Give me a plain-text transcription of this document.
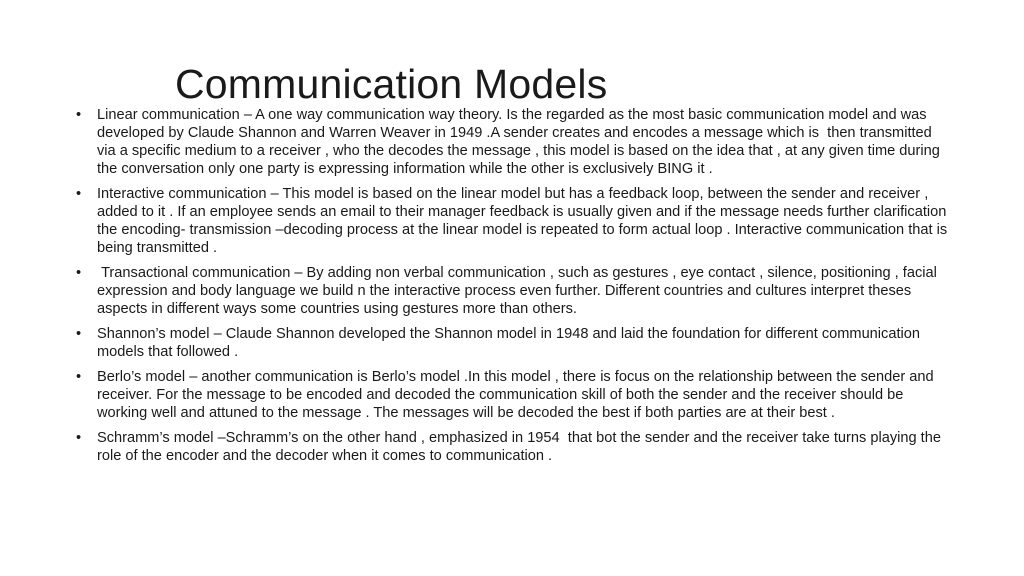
Communication Models
•	Linear communication – A one way communication way theory. Is the regarded as the most basic communication model and was developed by Claude Shannon and Warren Weaver in 1949 .A sender creates and encodes a message which is  then transmitted via a specific medium to a receiver , who the decodes the message , this model is based on the idea that , at any given time during the conversation only one party is expressing information while the other is exclusively BING it .
•	Interactive communication – This model is based on the linear model but has a feedback loop, between the sender and receiver , added to it . If an employee sends an email to their manager feedback is usually given and if the message needs further clarification the encoding- transmission –decoding process at the linear model is repeated to form actual loop . Interactive communication that is being transmitted .
•	Transactional communication – By adding non verbal communication , such as gestures , eye contact , silence, positioning , facial expression and body language we build n the interactive process even further. Different countries and cultures interpret theses aspects in different ways some countries using gestures more than others.
•	Shannon’s model – Claude Shannon developed the Shannon model in 1948 and laid the foundation for different communication models that followed .
•	Berlo’s model – another communication is Berlo’s model .In this model , there is focus on the relationship between the sender and receiver. For the message to be encoded and decoded the communication skill of both the sender and the receiver should be working well and attuned to the message . The messages will be decoded the best if both parties are at their best .
•	Schramm’s model –Schramm’s on the other hand , emphasized in 1954  that bot the sender and the receiver take turns playing the role of the encoder and the decoder when it comes to communication .
